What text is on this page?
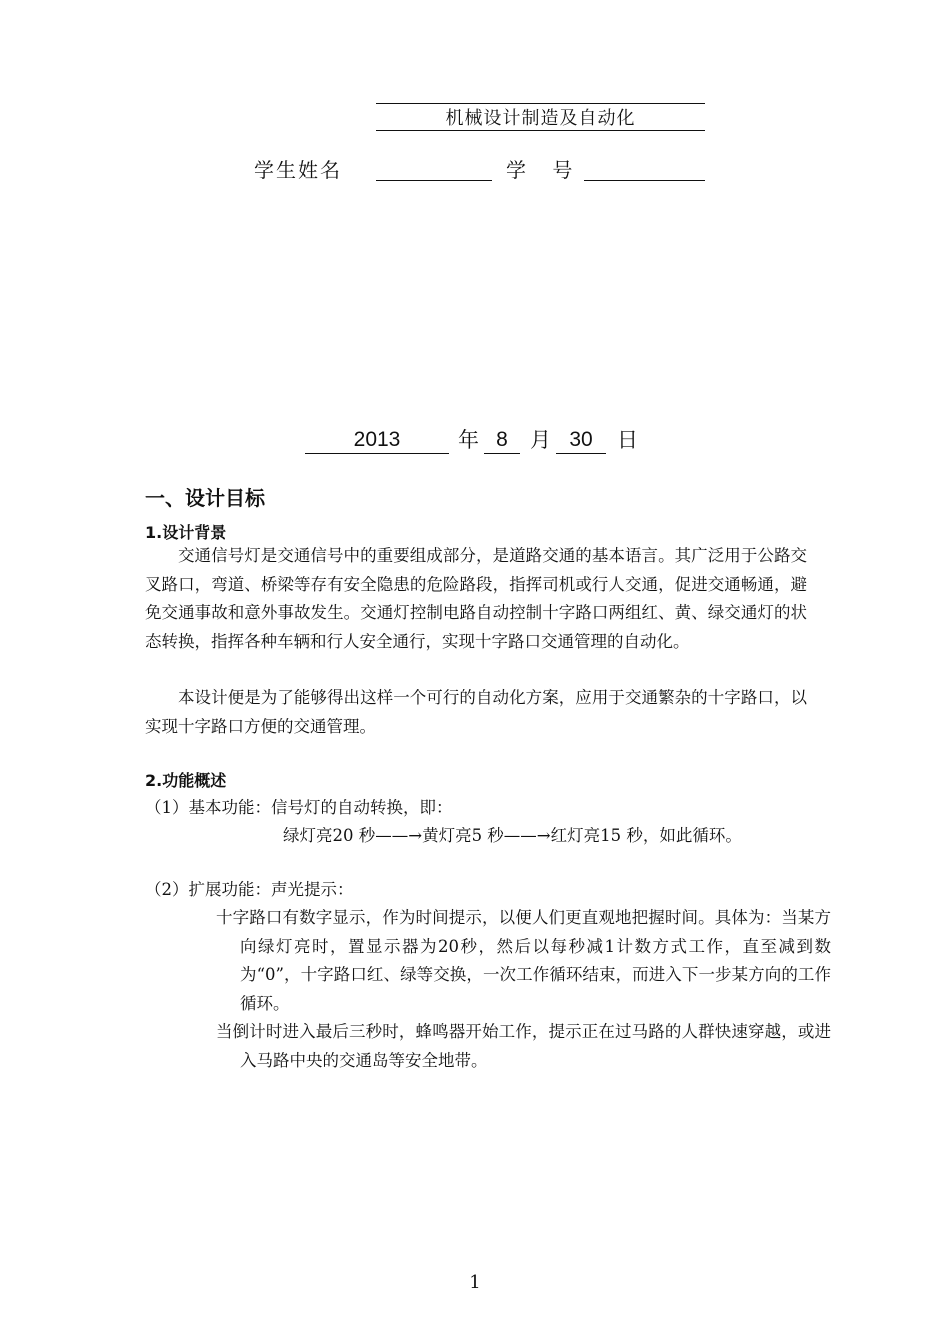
机械设计制造及自动化
学生姓名	学　 号
2013	年 8	月 30	日
一、设计目标
1.设计背景

交通信号灯是交通信号中的重要组成部分，是道路交通的基本语言。其广泛用于公路交叉路口，弯道、桥梁等存有安全隐患的危险路段，指挥司机或行人交通，促进交通畅通，避免交通事故和意外事故发生。交通灯控制电路自动控制十字路口两组红、黄、绿交通灯的状态转换，指挥各种车辆和行人安全通行，实现十字路口交通管理的自动化。

本设计便是为了能够得出这样一个可行的自动化方案，应用于交通繁杂的十字路口，以实现十字路口方便的交通管理。

2.功能概述
（1）基本功能：信号灯的自动转换，即：
绿灯亮20 秒——→黄灯亮5 秒——→红灯亮15 秒，如此循环。
（2）扩展功能：声光提示：

十字路口有数字显示，作为时间提示，以便人们更直观地把握时间。具体为：当某方向绿灯亮时，置显示器为20秒，然后以每秒减1计数方式工作，直至减到数为“0”，十字路口红、绿等交换，一次工作循环结束，而进入下一步某方向的工作循环。

当倒计时进入最后三秒时，蜂鸣器开始工作，提示正在过马路的人群快速穿越，或进入马路中央的交通岛等安全地带。

1
